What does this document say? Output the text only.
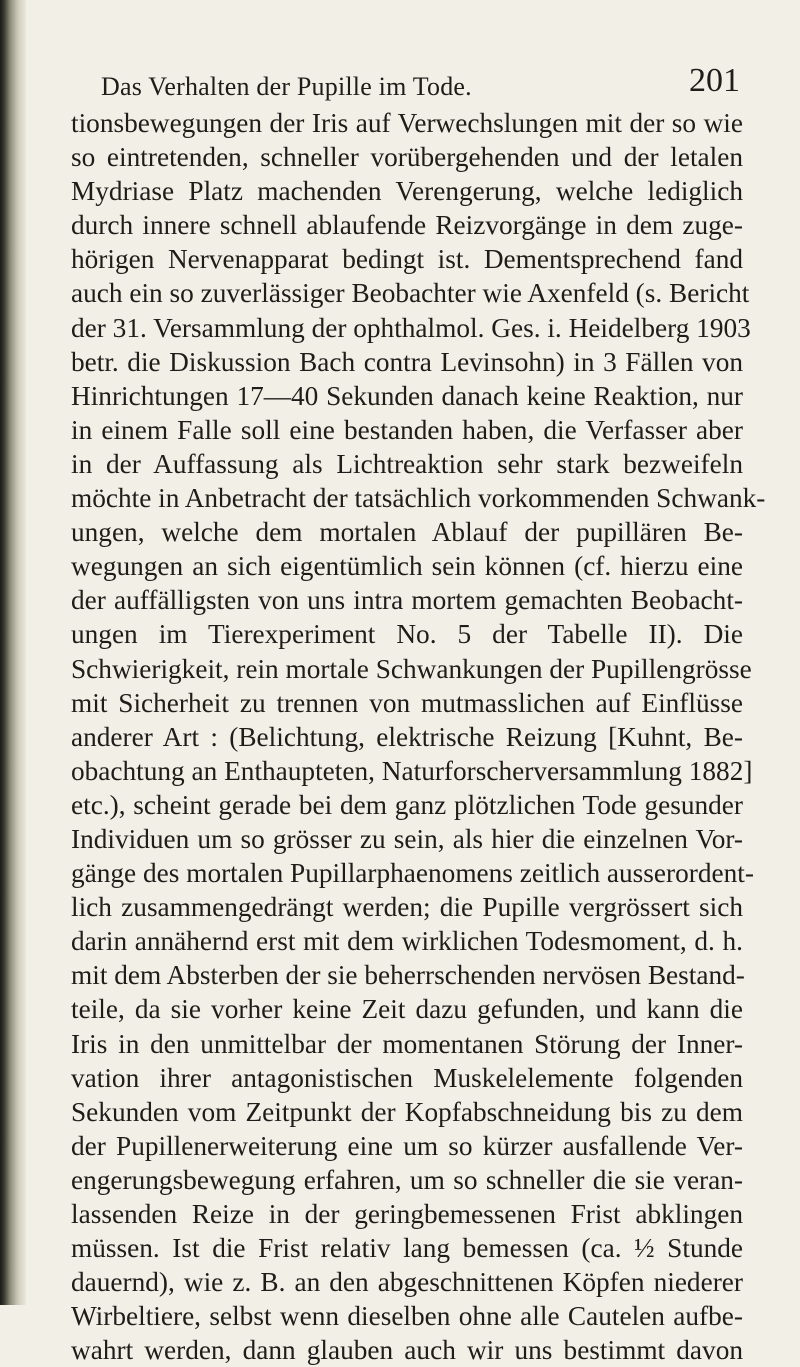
Das Verhalten der Pupille im Tode.	201
tionsbewegungen der Iris auf Verwechslungen mit der so wie
so eintretenden, schneller vorübergehenden und der letalen
Mydriase Platz machenden Verengerung, welche lediglich
durch innere schnell ablaufende Reizvorgänge in dem zuge-
hörigen Nervenapparat bedingt ist. Dementsprechend fand
auch ein so zuverlässiger Beobachter wie Axenfeld (s. Bericht
der 31. Versammlung der ophthalmol. Ges. i. Heidelberg 1903
betr. die Diskussion Bach contra Levinsohn) in 3 Fällen von
Hinrichtungen 17—40 Sekunden danach keine Reaktion, nur
in einem Falle soll eine bestanden haben, die Verfasser aber
in der Auffassung als Lichtreaktion sehr stark bezweifeln
möchte in Anbetracht der tatsächlich vorkommenden Schwank-
ungen, welche dem mortalen Ablauf der pupillären Be-
wegungen an sich eigentümlich sein können (cf. hierzu eine
der auffälligsten von uns intra mortem gemachten Beobacht-
ungen im Tierexperiment No. 5 der Tabelle II). Die
Schwierigkeit, rein mortale Schwankungen der Pupillengrösse
mit Sicherheit zu trennen von mutmasslichen auf Einflüsse
anderer Art : (Belichtung, elektrische Reizung [Kuhnt, Be-
obachtung an Enthaupteten, Naturforscherversammlung 1882]
etc.), scheint gerade bei dem ganz plötzlichen Tode gesunder
Individuen um so grösser zu sein, als hier die einzelnen Vor-
gänge des mortalen Pupillarphaenomens zeitlich ausserordent-
lich zusammengedrängt werden; die Pupille vergrössert sich
darin annähernd erst mit dem wirklichen Todesmoment, d. h.
mit dem Absterben der sie beherrschenden nervösen Bestand-
teile, da sie vorher keine Zeit dazu gefunden, und kann die
Iris in den unmittelbar der momentanen Störung der Inner-
vation ihrer antagonistischen Muskelelemente folgenden
Sekunden vom Zeitpunkt der Kopfabschneidung bis zu dem
der Pupillenerweiterung eine um so kürzer ausfallende Ver-
engerungsbewegung erfahren, um so schneller die sie veran-
lassenden Reize in der geringbemessenen Frist abklingen
müssen. Ist die Frist relativ lang bemessen (ca. ½ Stunde
dauernd), wie z. B. an den abgeschnittenen Köpfen niederer
Wirbeltiere, selbst wenn dieselben ohne alle Cautelen aufbe-
wahrt werden, dann glauben auch wir uns bestimmt davon
